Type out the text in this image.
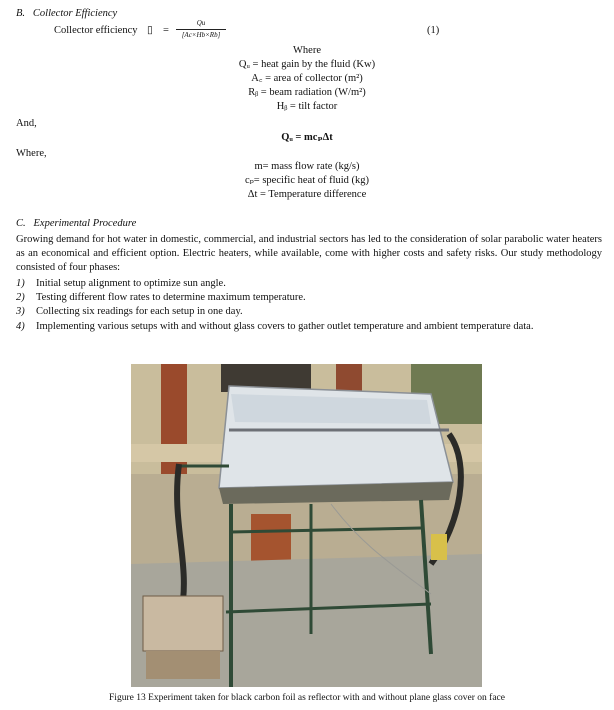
B.   Collector Efficiency
Collector efficiency ▯ =
Qu
[Ac×Hb×Rb]	(1)
Where
Qᵤ = heat gain by the fluid (Kw)
A꜀ = area of collector (m²)
Rᵦ = beam radiation (W/m²)
Hᵦ = tilt factor
And,
Qᵤ = mcₚΔt
Where,
m= mass flow rate (kg/s)
cₚ= specific heat of fluid (kg)
Δt = Temperature difference
C.   Experimental Procedure
Growing demand for hot water in domestic, commercial, and industrial sectors has led to the consideration of solar parabolic water heaters as an economical and efficient option. Electric heaters, while available, come with higher costs and safety risks. Our study methodology consisted of four phases:
1) Initial setup alignment to optimize sun angle.
2) Testing different flow rates to determine maximum temperature.
3) Collecting six readings for each setup in one day.
4) Implementing various setups with and without glass covers to gather outlet temperature and ambient temperature data.
Figure 13 Experiment taken for black carbon foil as reflector with and without plane glass cover on face
